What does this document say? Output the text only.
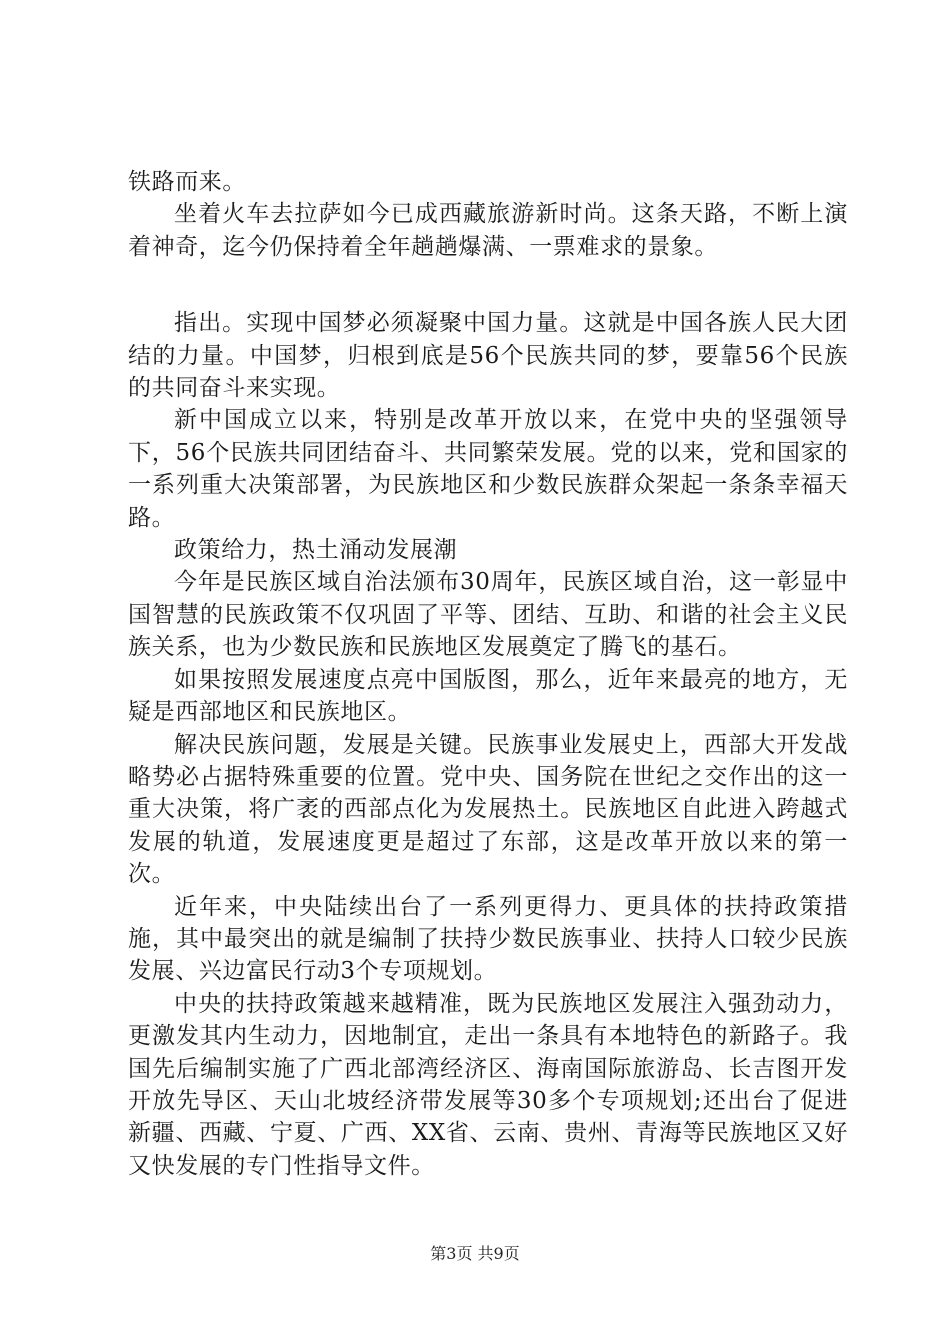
铁路而来。

坐着火车去拉萨如今已成西藏旅游新时尚。这条天路，不断上演着神奇，迄今仍保持着全年趟趟爆满、一票难求的景象。

指出。实现中国梦必须凝聚中国力量。这就是中国各族人民大团结的力量。中国梦，归根到底是56个民族共同的梦，要靠56个民族的共同奋斗来实现。

新中国成立以来，特别是改革开放以来，在党中央的坚强领导下，56个民族共同团结奋斗、共同繁荣发展。党的以来，党和国家的一系列重大决策部署，为民族地区和少数民族群众架起一条条幸福天路。

政策给力，热土涌动发展潮

今年是民族区域自治法颁布30周年，民族区域自治，这一彰显中国智慧的民族政策不仅巩固了平等、团结、互助、和谐的社会主义民族关系，也为少数民族和民族地区发展奠定了腾飞的基石。

如果按照发展速度点亮中国版图，那么，近年来最亮的地方，无疑是西部地区和民族地区。

解决民族问题，发展是关键。民族事业发展史上，西部大开发战略势必占据特殊重要的位置。党中央、国务院在世纪之交作出的这一重大决策，将广袤的西部点化为发展热土。民族地区自此进入跨越式发展的轨道，发展速度更是超过了东部，这是改革开放以来的第一次。

近年来，中央陆续出台了一系列更得力、更具体的扶持政策措施，其中最突出的就是编制了扶持少数民族事业、扶持人口较少民族发展、兴边富民行动3个专项规划。

中央的扶持政策越来越精准，既为民族地区发展注入强劲动力，更激发其内生动力，因地制宜，走出一条具有本地特色的新路子。我国先后编制实施了广西北部湾经济区、海南国际旅游岛、长吉图开发开放先导区、天山北坡经济带发展等30多个专项规划;还出台了促进新疆、西藏、宁夏、广西、XX省、云南、贵州、青海等民族地区又好又快发展的专门性指导文件。

第3页 共9页
